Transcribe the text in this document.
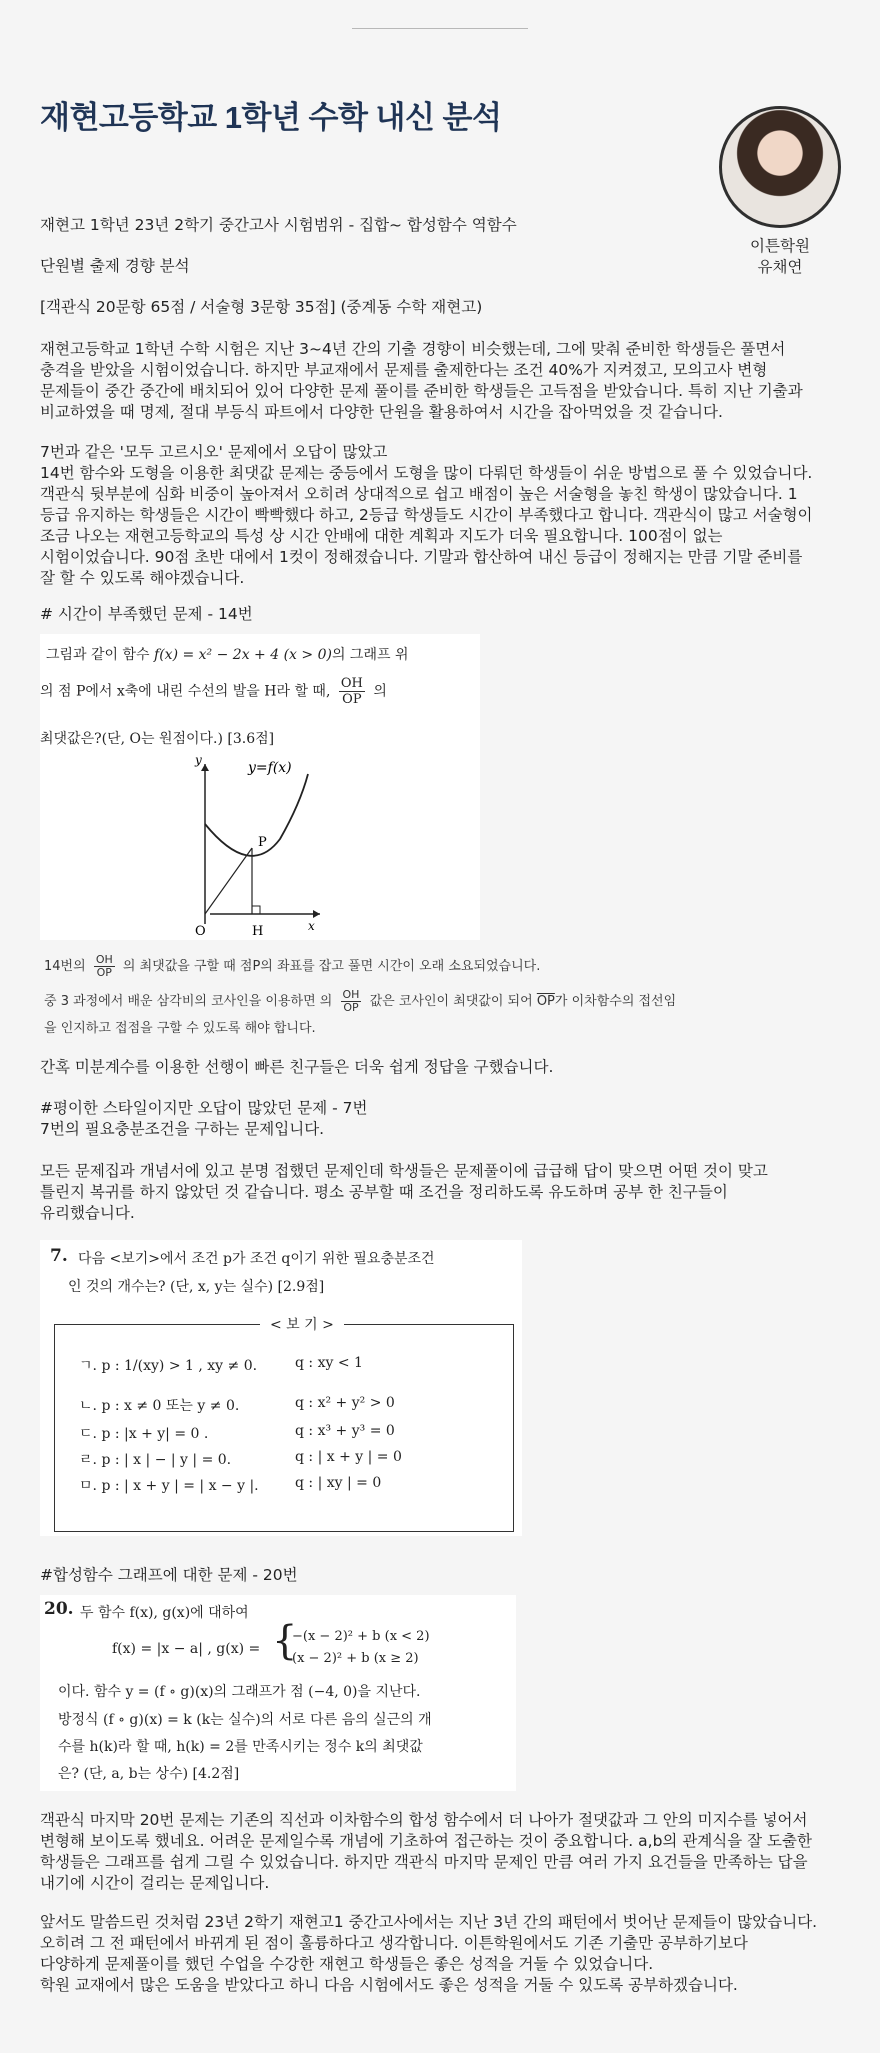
재현고등학교 1학년 수학 내신 분석
이튼학원
유채연

재현고 1학년 23년 2학기 중간고사 시험범위 - 집합~ 합성함수 역함수

단원별 출제 경향 분석

[객관식 20문항 65점 / 서술형 3문항 35점] (중계동 수학 재현고)

재현고등학교 1학년 수학 시험은 지난 3~4년 간의 기출 경향이 비슷했는데, 그에 맞춰 준비한 학생들은 풀면서

충격을 받았을 시험이었습니다. 하지만 부교재에서 문제를 출제한다는 조건 40%가 지켜졌고, 모의고사 변형

문제들이 중간 중간에 배치되어 있어 다양한 문제 풀이를 준비한 학생들은 고득점을 받았습니다. 특히 지난 기출과

비교하였을 때 명제, 절대 부등식 파트에서 다양한 단원을 활용하여서 시간을 잡아먹었을 것 같습니다.

7번과 같은 '모두 고르시오' 문제에서 오답이 많았고

14번 함수와 도형을 이용한 최댓값 문제는 중등에서 도형을 많이 다뤄던 학생들이 쉬운 방법으로 풀 수 있었습니다.

객관식 뒷부분에 심화 비중이 높아져서 오히려 상대적으로 쉽고 배점이 높은 서술형을 놓친 학생이 많았습니다. 1

등급 유지하는 학생들은 시간이 빡빡했다 하고, 2등급 학생들도 시간이 부족했다고 합니다. 객관식이 많고 서술형이

조금 나오는 재현고등학교의 특성 상 시간 안배에 대한 계획과 지도가 더욱 필요합니다. 100점이 없는

시험이었습니다. 90점 초반 대에서 1컷이 정해졌습니다. 기말과 합산하여 내신 등급이 정해지는 만큼 기말 준비를

잘 할 수 있도록 해야겠습니다.

# 시간이 부족했던 문제 - 14번
그림과 같이 함수 f(x) = x² − 2x + 4 (x > 0)의 그래프 위
의 점 P에서 x축에 내린 수선의 발을 H라 할 때, $\frac{OH}{OP}$ 의
최댓값은?(단, O는 원점이다.) [3.6점]
y=f(x)
y
x
O	H
P
14번의 $\frac{OH}{OP}$ 의 최댓값을 구할 때 점P의 좌표를 잡고 풀면 시간이 오래 소요되었습니다.
중 3 과정에서 배운 삼각비의 코사인을 이용하면 의 $\frac{OH}{OP}$ 값은 코사인이 최댓값이 되어 $\overline{OP}$가 이차함수의 접선임
을 인지하고 접점을 구할 수 있도록 해야 합니다.
간혹 미분계수를 이용한 선행이 빠른 친구들은 더욱 쉽게 정답을 구했습니다.

#평이한 스타일이지만 오답이 많았던 문제 - 7번

7번의 필요충분조건을 구하는 문제입니다.

모든 문제집과 개념서에 있고 분명 접했던 문제인데 학생들은 문제풀이에 급급해 답이 맞으면 어떤 것이 맞고

틀린지 복귀를 하지 않았던 것 같습니다. 평소 공부할 때 조건을 정리하도록 유도하며 공부 한 친구들이

유리했습니다.

7. 다음 <보기>에서 조건 p가 조건 q이기 위한 필요충분조건
인 것의 개수는? (단, x, y는 실수) [2.9점]
< 보 기 >
ㄱ. p : 1/(xy) > 1 , xy ≠ 0.	q : xy < 1
ㄴ. p : x ≠ 0 또는 y ≠ 0.	q : x² + y² > 0
ㄷ. p : |x + y| = 0 .	q : x³ + y³ = 0
ㄹ. p : | x | − | y | = 0.	q : | x + y | = 0
ㅁ. p : | x + y | = | x − y |.	q : | xy | = 0
#합성함수 그래프에 대한 문제 - 20번
20. 두 함수 f(x), g(x)에 대하여
f(x) = |x − a| , g(x) = {
−(x − 2)² + b (x < 2)
(x − 2)² + b (x ≥ 2)
이다. 함수 y = (f ∘ g)(x)의 그래프가 점 (−4, 0)을 지난다.
방정식 (f ∘ g)(x) = k (k는 실수)의 서로 다른 음의 실근의 개
수를 h(k)라 할 때, h(k) = 2를 만족시키는 정수 k의 최댓값
은? (단, a, b는 상수) [4.2점]

객관식 마지막 20번 문제는 기존의 직선과 이차함수의 합성 함수에서 더 나아가 절댓값과 그 안의 미지수를 넣어서

변형해 보이도록 했네요. 어려운 문제일수록 개념에 기초하여 접근하는 것이 중요합니다. a,b의 관계식을 잘 도출한

학생들은 그래프를 쉽게 그릴 수 있었습니다. 하지만 객관식 마지막 문제인 만큼 여러 가지 요건들을 만족하는 답을

내기에 시간이 걸리는 문제입니다.

앞서도 말씀드린 것처럼 23년 2학기 재현고1 중간고사에서는 지난 3년 간의 패턴에서 벗어난 문제들이 많았습니다.

오히려 그 전 패턴에서 바뀌게 된 점이 훌륭하다고 생각합니다. 이튼학원에서도 기존 기출만 공부하기보다

다양하게 문제풀이를 했던 수업을 수강한 재현고 학생들은 좋은 성적을 거둘 수 있었습니다.

학원 교재에서 많은 도움을 받았다고 하니 다음 시험에서도 좋은 성적을 거둘 수 있도록 공부하겠습니다.
